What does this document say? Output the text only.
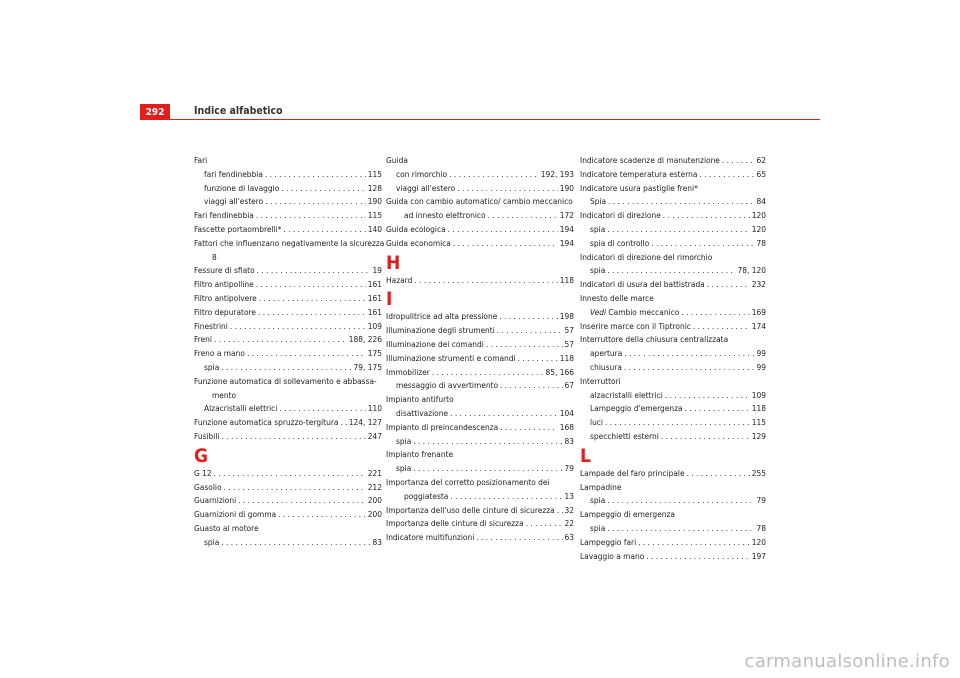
292	Indice alfabetico
Fari
fari fendinebbia . . .	115
funzione di lavaggio . . .	128
viaggi all'estero . . .	190
Fari fendinebbia . . .	115
Fascette portaombrelli* . . .	140
Fattori che influenzano negativamente la sicurezza
8
Fessure di sfiato . . .	19
Filtro antipolline . . .	161
Filtro antipolvere . . .	161
Filtro depuratore . . .	161
Finestrini . . .	109
Freni . . .	188, 226
Freno a mano . . .	175
spia . . .	79, 175
Funzione automatica di sollevamento e abbassa-
mento
Alzacristalli elettrici . . .	110
Funzione automatica spruzzo-tergitura . . . 124, 127
Fusibili . . .	247
G
G 12 . . .	221
Gasolio . . .	212
Guarnizioni . . .	200
Guarnizioni di gomma . . .	200
Guasto al motore
spia . . .	83
Guida
con rimorchio . . .	192, 193
viaggi all'estero . . .	190
Guida con cambio automatico/ cambio meccanico
ad innesto elettronico . . .	172
Guida ecologica . . .	194
Guida economica . . .	194
H
Hazard . . .	118
I
Idropulitrice ad alta pressione . . .	198
Illuminazione degli strumenti . . .	57
Illuminazione dei comandi . . .	57
Illuminazione strumenti e comandi . . .	118
Immobilizer . . .	85, 166
messaggio di avvertimento . . .	67
Impianto antifurto
disattivazione . . .	104
Impianto di preincandescenza . . .	168
spia . . .	83
Impianto frenante
spia . . .	79
Importanza del corretto posizionamento dei
poggiatesta . . .	13
Importanza dell'uso delle cinture di sicurezza . . . 32
Importanza delle cinture di sicurezza . . .	22
Indicatore multifunzioni . . .	63
Indicatore scadenze di manutenzione . . .	62
Indicatore temperatura esterna . . .	65
Indicatore usura pastiglie freni*
Spia . . .	84
Indicatori di direzione . . .	120
spia . . .	120
spia di controllo . . .	78
Indicatori di direzione del rimorchio
spia . . .	78, 120
Indicatori di usura del battistrada . . .	232
Innesto delle marce
Vedi Cambio meccanico . . .	169
Inserire marce con il Tiptronic . . .	174
Interruttore della chiusura centralizzata
apertura . . .	99
chiusura . . .	99
Interruttori
alzacristalli elettrici . . .	109
Lampeggio d'emergenza . . .	118
luci . . .	115
specchietti esterni . . .	129
L
Lampade del faro principale . . .	255
Lampadine
spia . . .	79
Lampeggio di emergenza
spia . . .	78
Lampeggio fari . . .	120
Lavaggio a mano . . .	197
carmanualsonline.info
